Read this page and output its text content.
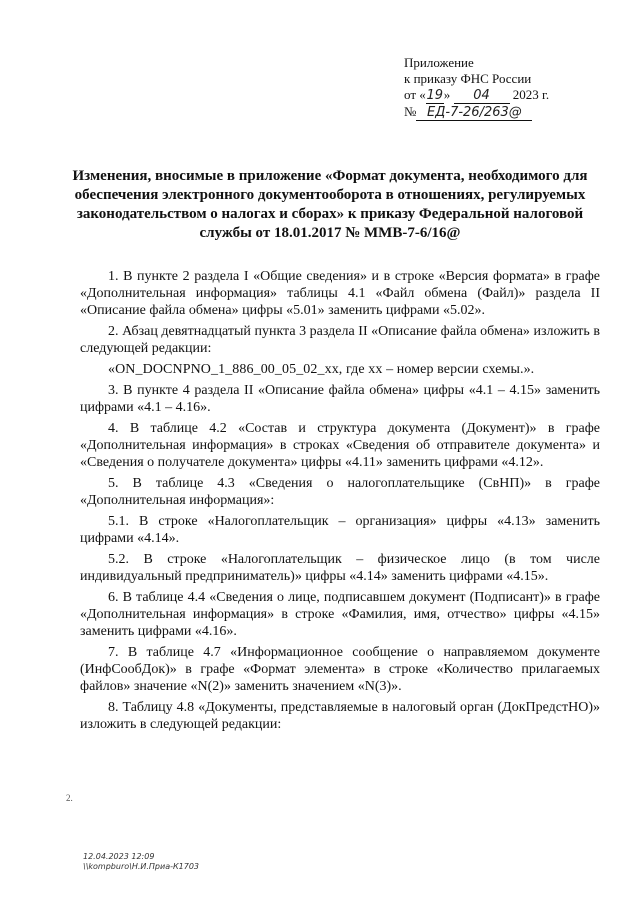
Приложение
к приказу ФНС России
от «19» 04 2023 г.
№ ЕД-7-26/263@
Изменения, вносимые в приложение «Формат документа, необходимого для
обеспечения электронного документооборота в отношениях, регулируемых
законодательством о налогах и сборах» к приказу Федеральной налоговой
службы от 18.01.2017 № ММВ-7-6/16@

1. В пункте 2 раздела I «Общие сведения» и в строке «Версия формата» в графе «Дополнительная информация» таблицы 4.1 «Файл обмена (Файл)» раздела II «Описание файла обмена» цифры «5.01» заменить цифрами «5.02».

2. Абзац девятнадцатый пункта 3 раздела II «Описание файла обмена» изложить в следующей редакции:

«ON_DOCNPNO_1_886_00_05_02_xx, где xx – номер версии схемы.».

3. В пункте 4 раздела II «Описание файла обмена» цифры «4.1 – 4.15» заменить цифрами «4.1 – 4.16».

4. В таблице 4.2 «Состав и структура документа (Документ)» в графе «Дополнительная информация» в строках «Сведения об отправителе документа» и «Сведения о получателе документа» цифры «4.11» заменить цифрами «4.12».

5. В таблице 4.3 «Сведения о налогоплательщике (СвНП)» в графе «Дополнительная информация»:

5.1. В строке «Налогоплательщик – организация» цифры «4.13» заменить цифрами «4.14».

5.2. В строке «Налогоплательщик – физическое лицо (в том числе индивидуальный предприниматель)» цифры «4.14» заменить цифрами «4.15».

6. В таблице 4.4 «Сведения о лице, подписавшем документ (Подписант)» в графе «Дополнительная информация» в строке «Фамилия, имя, отчество» цифры «4.15» заменить цифрами «4.16».

7. В таблице 4.7 «Информационное сообщение о направляемом документе (ИнфСообДок)» в графе «Формат элемента» в строке «Количество прилагаемых файлов» значение «N(2)» заменить значением «N(3)».

8. Таблицу 4.8 «Документы, представляемые в налоговый орган (ДокПредстНО)» изложить в следующей редакции:

2.
12.04.2023 12:09
\\kompburo\Н.И.Приа-К1703
